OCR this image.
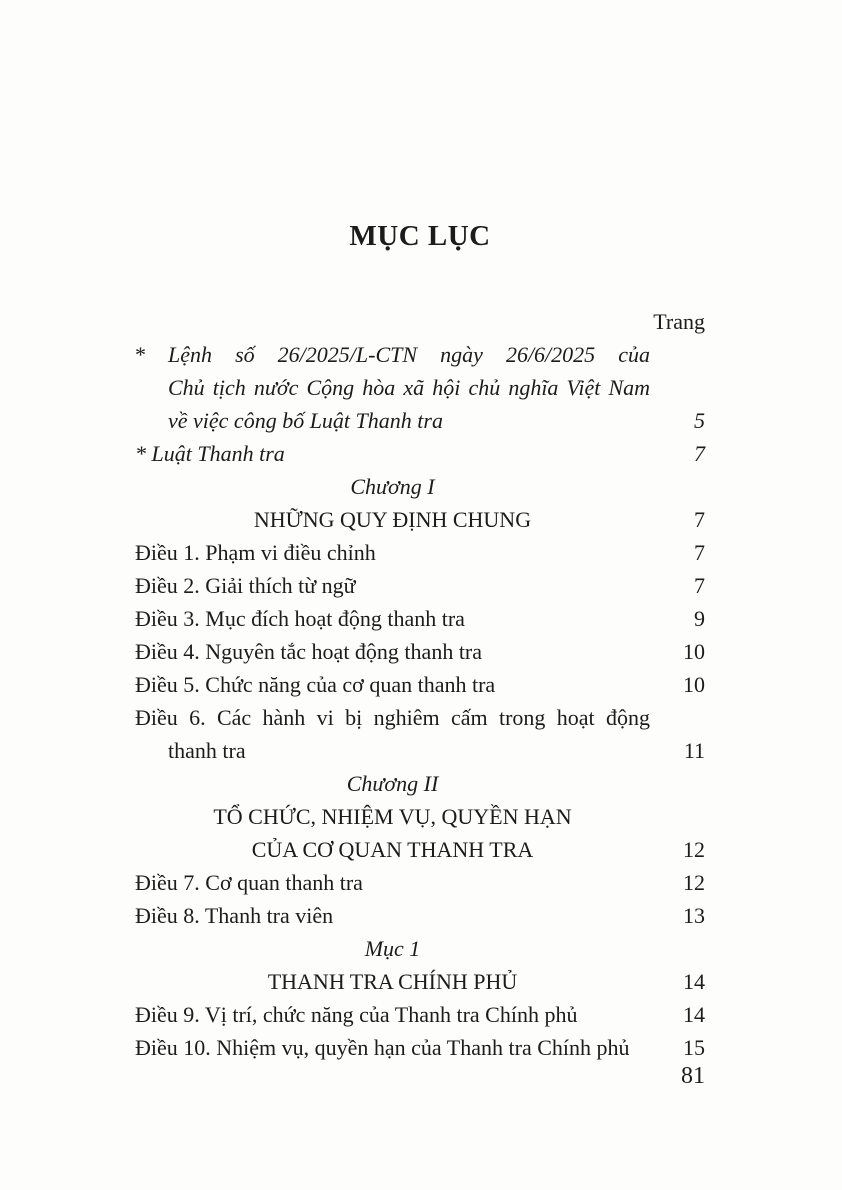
MỤC LỤC
Trang
* Lệnh số 26/2025/L-CTN ngày 26/6/2025 của
Chủ tịch nước Cộng hòa xã hội chủ nghĩa Việt Nam
về việc công bố Luật Thanh tra	5
* Luật Thanh tra	7
Chương I
NHỮNG QUY ĐỊNH CHUNG	7
Điều 1. Phạm vi điều chỉnh	7
Điều 2. Giải thích từ ngữ	7
Điều 3. Mục đích hoạt động thanh tra	9
Điều 4. Nguyên tắc hoạt động thanh tra	10
Điều 5. Chức năng của cơ quan thanh tra	10
Điều 6. Các hành vi bị nghiêm cấm trong hoạt động
thanh tra	11
Chương II
TỔ CHỨC, NHIỆM VỤ, QUYỀN HẠN
CỦA CƠ QUAN THANH TRA	12
Điều 7. Cơ quan thanh tra	12
Điều 8. Thanh tra viên	13
Mục 1
THANH TRA CHÍNH PHỦ	14
Điều 9. Vị trí, chức năng của Thanh tra Chính phủ	14
Điều 10. Nhiệm vụ, quyền hạn của Thanh tra Chính phủ	15
81
